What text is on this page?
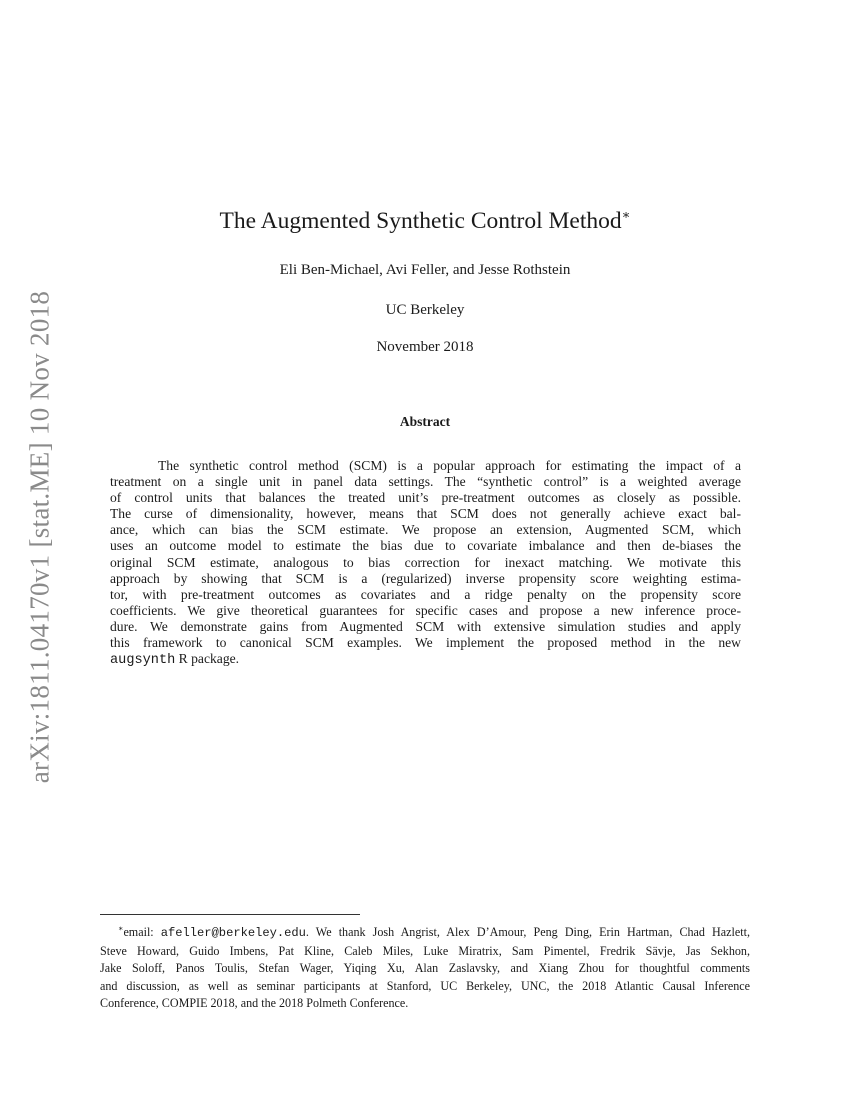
arXiv:1811.04170v1 [stat.ME] 10 Nov 2018
The Augmented Synthetic Control Method∗
Eli Ben-Michael, Avi Feller, and Jesse Rothstein
UC Berkeley
November 2018
Abstract
The synthetic control method (SCM) is a popular approach for estimating the impact of a
treatment on a single unit in panel data settings. The “synthetic control” is a weighted average
of control units that balances the treated unit’s pre-treatment outcomes as closely as possible.
The curse of dimensionality, however, means that SCM does not generally achieve exact bal-
ance, which can bias the SCM estimate. We propose an extension, Augmented SCM, which
uses an outcome model to estimate the bias due to covariate imbalance and then de-biases the
original SCM estimate, analogous to bias correction for inexact matching. We motivate this
approach by showing that SCM is a (regularized) inverse propensity score weighting estima-
tor, with pre-treatment outcomes as covariates and a ridge penalty on the propensity score
coefficients. We give theoretical guarantees for specific cases and propose a new inference proce-
dure. We demonstrate gains from Augmented SCM with extensive simulation studies and apply
this framework to canonical SCM examples. We implement the proposed method in the new
augsynth R package.
∗email: afeller@berkeley.edu. We thank Josh Angrist, Alex D’Amour, Peng Ding, Erin Hartman, Chad Hazlett,
Steve Howard, Guido Imbens, Pat Kline, Caleb Miles, Luke Miratrix, Sam Pimentel, Fredrik Sävje, Jas Sekhon,
Jake Soloff, Panos Toulis, Stefan Wager, Yiqing Xu, Alan Zaslavsky, and Xiang Zhou for thoughtful comments
and discussion, as well as seminar participants at Stanford, UC Berkeley, UNC, the 2018 Atlantic Causal Inference
Conference, COMPIE 2018, and the 2018 Polmeth Conference.
